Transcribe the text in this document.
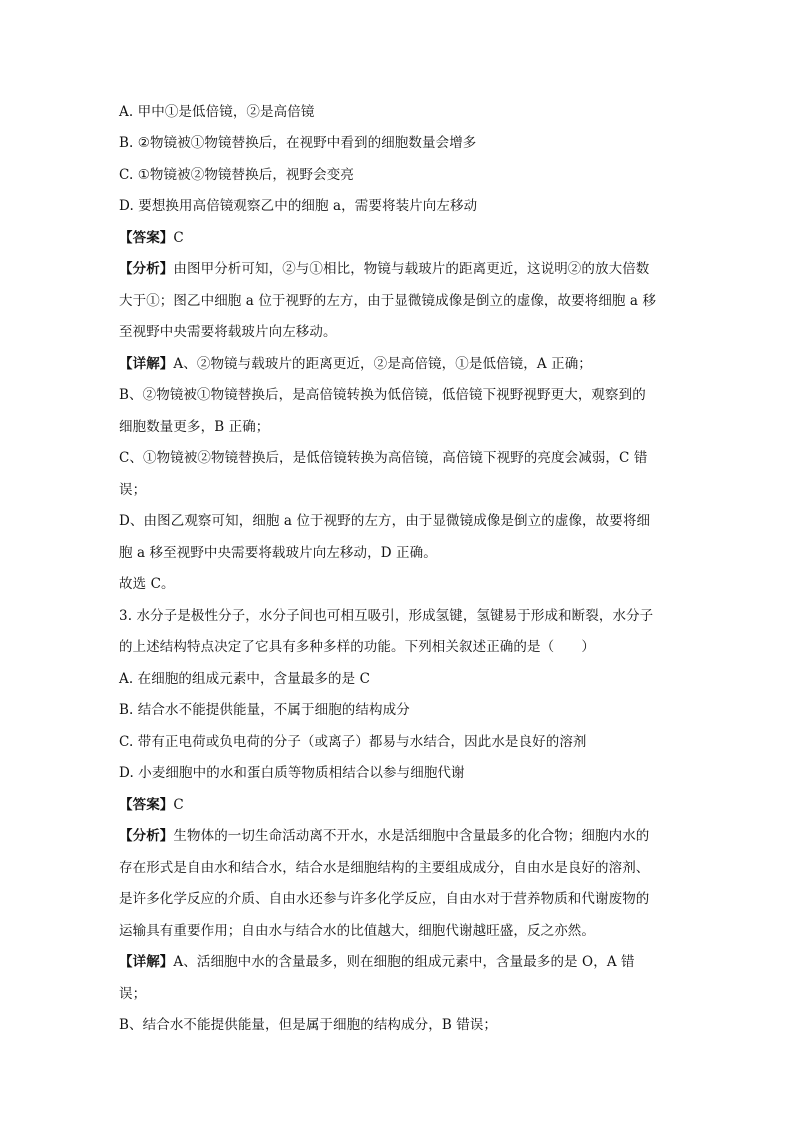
A. 甲中①是低倍镜，②是高倍镜
B. ②物镜被①物镜替换后，在视野中看到的细胞数量会增多
C. ①物镜被②物镜替换后，视野会变亮
D. 要想换用高倍镜观察乙中的细胞 a，需要将装片向左移动
【答案】C
【分析】由图甲分析可知，②与①相比，物镜与载玻片的距离更近，这说明②的放大倍数
大于①；图乙中细胞 a 位于视野的左方，由于显微镜成像是倒立的虚像，故要将细胞 a 移
至视野中央需要将载玻片向左移动。
【详解】A、②物镜与载玻片的距离更近，②是高倍镜，①是低倍镜，A 正确；
B、②物镜被①物镜替换后，是高倍镜转换为低倍镜，低倍镜下视野视野更大，观察到的
细胞数量更多，B 正确；
C、①物镜被②物镜替换后，是低倍镜转换为高倍镜，高倍镜下视野的亮度会减弱，C 错
误；
D、由图乙观察可知，细胞 a 位于视野的左方，由于显微镜成像是倒立的虚像，故要将细
胞 a 移至视野中央需要将载玻片向左移动，D 正确。
故选 C。
3. 水分子是极性分子，水分子间也可相互吸引，形成氢键，氢键易于形成和断裂，水分子
的上述结构特点决定了它具有多种多样的功能。下列相关叙述正确的是（　　）
A. 在细胞的组成元素中，含量最多的是 C
B. 结合水不能提供能量，不属于细胞的结构成分
C. 带有正电荷或负电荷的分子（或离子）都易与水结合，因此水是良好的溶剂
D. 小麦细胞中的水和蛋白质等物质相结合以参与细胞代谢
【答案】C
【分析】生物体的一切生命活动离不开水，水是活细胞中含量最多的化合物；细胞内水的
存在形式是自由水和结合水，结合水是细胞结构的主要组成成分，自由水是良好的溶剂、
是许多化学反应的介质、自由水还参与许多化学反应，自由水对于营养物质和代谢废物的
运输具有重要作用；自由水与结合水的比值越大，细胞代谢越旺盛，反之亦然。
【详解】A、活细胞中水的含量最多，则在细胞的组成元素中，含量最多的是 O，A 错
误；
B、结合水不能提供能量，但是属于细胞的结构成分，B 错误；
